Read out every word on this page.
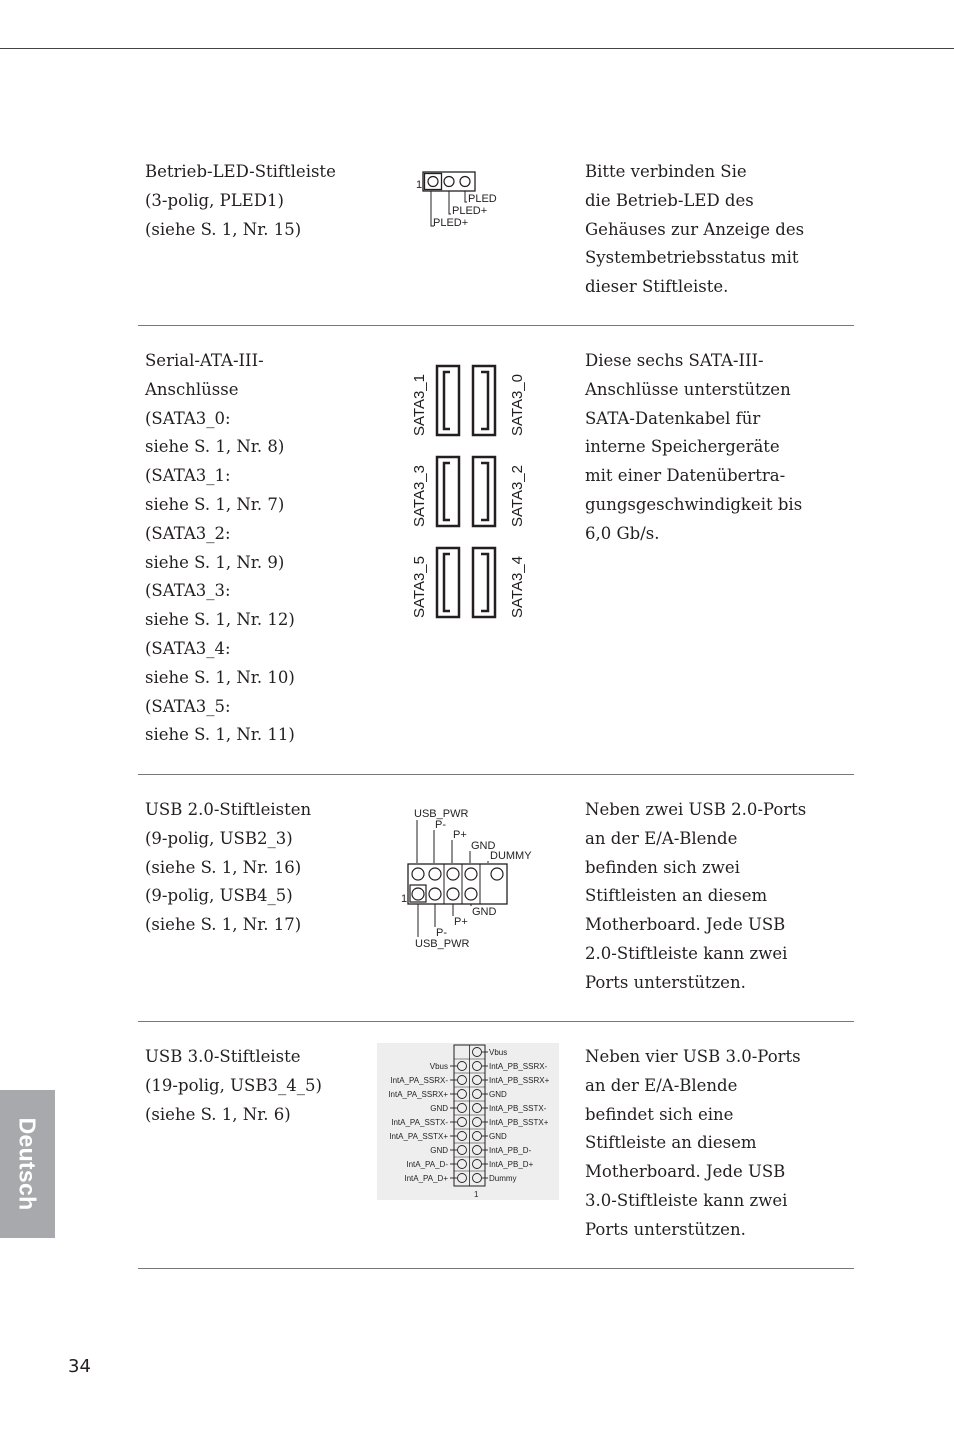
Betrieb-LED-Stiftleiste
(3-polig, PLED1)
(siehe S. 1, Nr. 15)
1
PLED
PLED+
PLED+
Bitte verbinden Sie
die Betrieb-LED des
Gehäuses zur Anzeige des
Systembetriebsstatus mit
dieser Stiftleiste.
Serial-ATA-III-
Anschlüsse
(SATA3_0:
siehe S. 1, Nr. 8)
(SATA3_1:
siehe S. 1, Nr. 7)
(SATA3_2:
siehe S. 1, Nr. 9)
(SATA3_3:
siehe S. 1, Nr. 12)
(SATA3_4:
siehe S. 1, Nr. 10)
(SATA3_5:
siehe S. 1, Nr. 11)
SATA3_1
SATA3_3
SATA3_5
SATA3_0
SATA3_2
SATA3_4
Diese sechs SATA-III-
Anschlüsse unterstützen
SATA-Datenkabel für
interne Speichergeräte
mit einer Datenübertra-
gungsgeschwindigkeit bis
6,0 Gb/s.
USB 2.0-Stiftleisten
(9-polig, USB2_3)
(siehe S. 1, Nr. 16)
(9-polig, USB4_5)
(siehe S. 1, Nr. 17)
USB_PWR
P-
P+
GND
DUMMY
1
GND
P+
P-
USB_PWR
Neben zwei USB 2.0-Ports
an der E/A-Blende
befinden sich zwei
Stiftleisten an diesem
Motherboard. Jede USB
2.0-Stiftleiste kann zwei
Ports unterstützen.
USB 3.0-Stiftleiste
(19-polig, USB3_4_5)
(siehe S. 1, Nr. 6)
Vbus
IntA_PA_SSRX-
IntA_PA_SSRX+
GND
IntA_PA_SSTX-
IntA_PA_SSTX+
GND
IntA_PA_D-
IntA_PA_D+
Vbus
IntA_PB_SSRX-
IntA_PB_SSRX+
GND
IntA_PB_SSTX-
IntA_PB_SSTX+
GND
IntA_PB_D-
IntA_PB_D+
Dummy
1
Neben vier USB 3.0-Ports
an der E/A-Blende
befindet sich eine
Stiftleiste an diesem
Motherboard. Jede USB
3.0-Stiftleiste kann zwei
Ports unterstützen.
Deutsch
34
